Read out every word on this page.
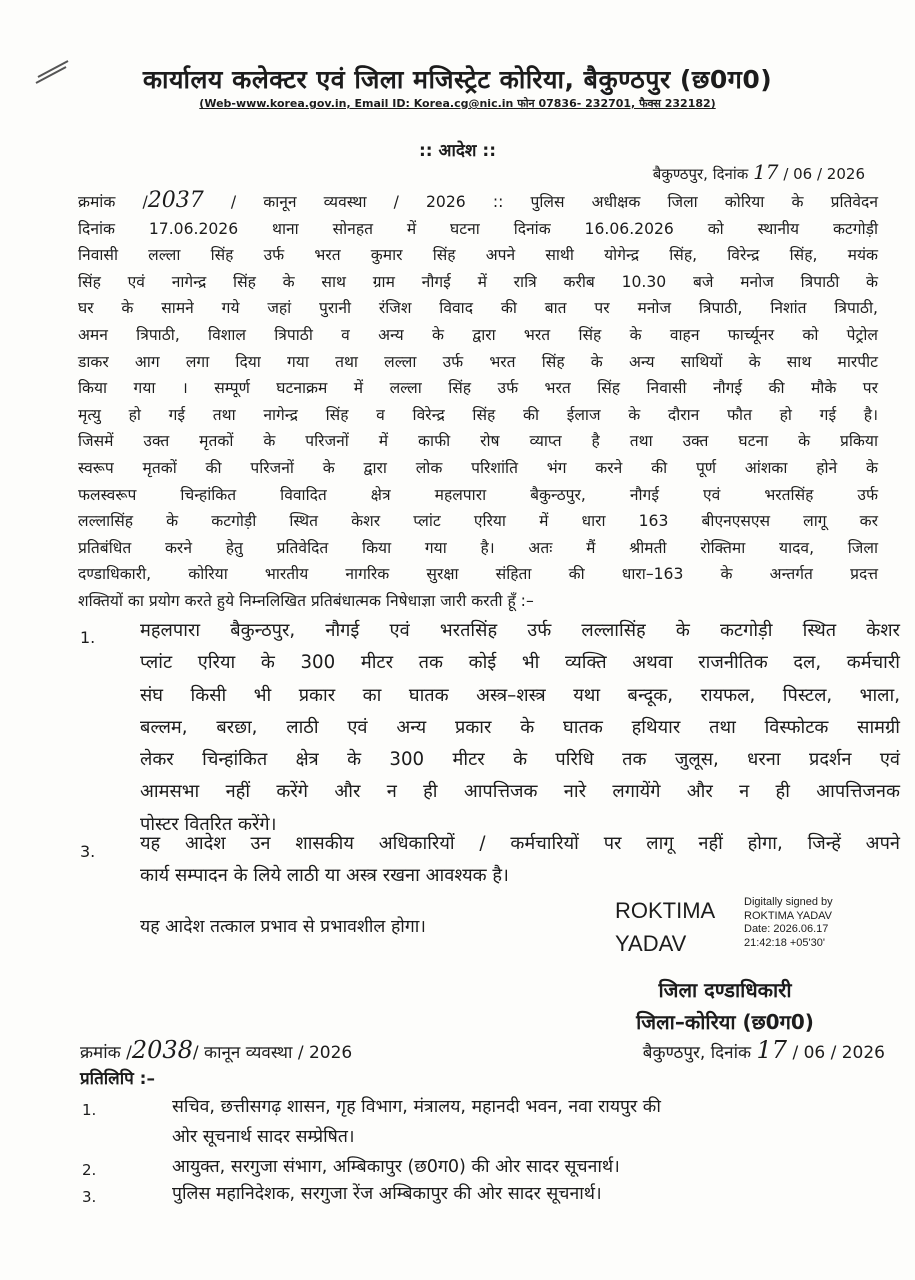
कार्यालय कलेक्टर एवं जिला मजिस्ट्रेट कोरिया, बैकुण्ठपुर (छ0ग0)
(Web-www.korea.gov.in, Email ID: Korea.cg@nic.in फोन 07836- 232701, फैक्स 232182)
:: आदेश ::
बैकुण्ठपुर, दिनांक 17 / 06 / 2026
क्रमांक /2037 / कानून व्यवस्था / 2026 :: पुलिस अधीक्षक जिला कोरिया के प्रतिवेदन
दिनांक 17.06.2026 थाना सोनहत में घटना दिनांक 16.06.2026 को स्थानीय कटगोड़ी
निवासी लल्ला सिंह उर्फ भरत कुमार सिंह अपने साथी योगेन्द्र सिंह, विरेन्द्र सिंह, मयंक
सिंह एवं नागेन्द्र सिंह के साथ ग्राम नौगई में रात्रि करीब 10.30 बजे मनोज त्रिपाठी के
घर के सामने गये जहां पुरानी रंजिश विवाद की बात पर मनोज त्रिपाठी, निशांत त्रिपाठी,
अमन त्रिपाठी, विशाल त्रिपाठी व अन्य के द्वारा भरत सिंह के वाहन फार्च्यूनर को पेट्रोल
डाकर आग लगा दिया गया तथा लल्ला उर्फ भरत सिंह के अन्य साथियों के साथ मारपीट
किया गया । सम्पूर्ण घटनाक्रम में लल्ला सिंह उर्फ भरत सिंह निवासी नौगई की मौके पर
मृत्यु हो गई तथा नागेन्द्र सिंह व विरेन्द्र सिंह की ईलाज के दौरान फौत हो गई है।
जिसमें उक्त मृतकों के परिजनों में काफी रोष व्याप्त है तथा उक्त घटना के प्रकिया
स्वरूप मृतकों की परिजनों के द्वारा लोक परिशांति भंग करने की पूर्ण आंशका होने के
फलस्वरूप चिन्हांकित विवादित क्षेत्र महलपारा बैकुन्ठपुर, नौगई एवं भरतसिंह उर्फ
लल्लासिंह के कटगोड़ी स्थित केशर प्लांट एरिया में धारा 163 बीएनएसएस लागू कर
प्रतिबंधित करने हेतु प्रतिवेदित किया गया है। अतः मैं श्रीमती रोक्तिमा यादव, जिला
दण्डाधिकारी, कोरिया भारतीय नागरिक सुरक्षा संहिता की धारा–163 के अन्तर्गत प्रदत्त
शक्तियों का प्रयोग करते हुये निम्नलिखित प्रतिबंधात्मक निषेधाज्ञा जारी करती हूँ :–
1. महलपारा बैकुन्ठपुर, नौगई एवं भरतसिंह उर्फ लल्लासिंह के कटगोड़ी स्थित केशर
प्लांट एरिया के 300 मीटर तक कोई भी व्यक्ति अथवा राजनीतिक दल, कर्मचारी
संघ किसी भी प्रकार का घातक अस्त्र–शस्त्र यथा बन्दूक, रायफल, पिस्टल, भाला,
बल्लम, बरछा, लाठी एवं अन्य प्रकार के घातक हथियार तथा विस्फोटक सामग्री
लेकर चिन्हांकित क्षेत्र के 300 मीटर के परिधि तक जुलूस, धरना प्रदर्शन एवं
आमसभा नहीं करेंगे और न ही आपत्तिजक नारे लगायेंगे और न ही आपत्तिजनक
पोस्टर वितरित करेंगे।
3. यह आदेश उन शासकीय अधिकारियों / कर्मचारियों पर लागू नहीं होगा, जिन्हें अपने
कार्य सम्पादन के लिये लाठी या अस्त्र रखना आवश्यक है।
यह आदेश तत्काल प्रभाव से प्रभावशील होगा।
ROKTIMA
YADAV
Digitally signed by
ROKTIMA YADAV
Date: 2026.06.17
21:42:18 +05'30'
जिला दण्डाधिकारी
जिला–कोरिया (छ0ग0)
क्रमांक /2038/ कानून व्यवस्था / 2026	बैकुण्ठपुर, दिनांक 17 / 06 / 2026
प्रतिलिपि :–
1.	सचिव, छत्तीसगढ़ शासन, गृह विभाग, मंत्रालय, महानदी भवन, नवा रायपुर की
ओर सूचनार्थ सादर सम्प्रेषित।
2.	आयुक्त, सरगुजा संभाग, अम्बिकापुर (छ0ग0) की ओर सादर सूचनार्थ।
3.	पुलिस महानिदेशक, सरगुजा रेंज अम्बिकापुर की ओर सादर सूचनार्थ।
